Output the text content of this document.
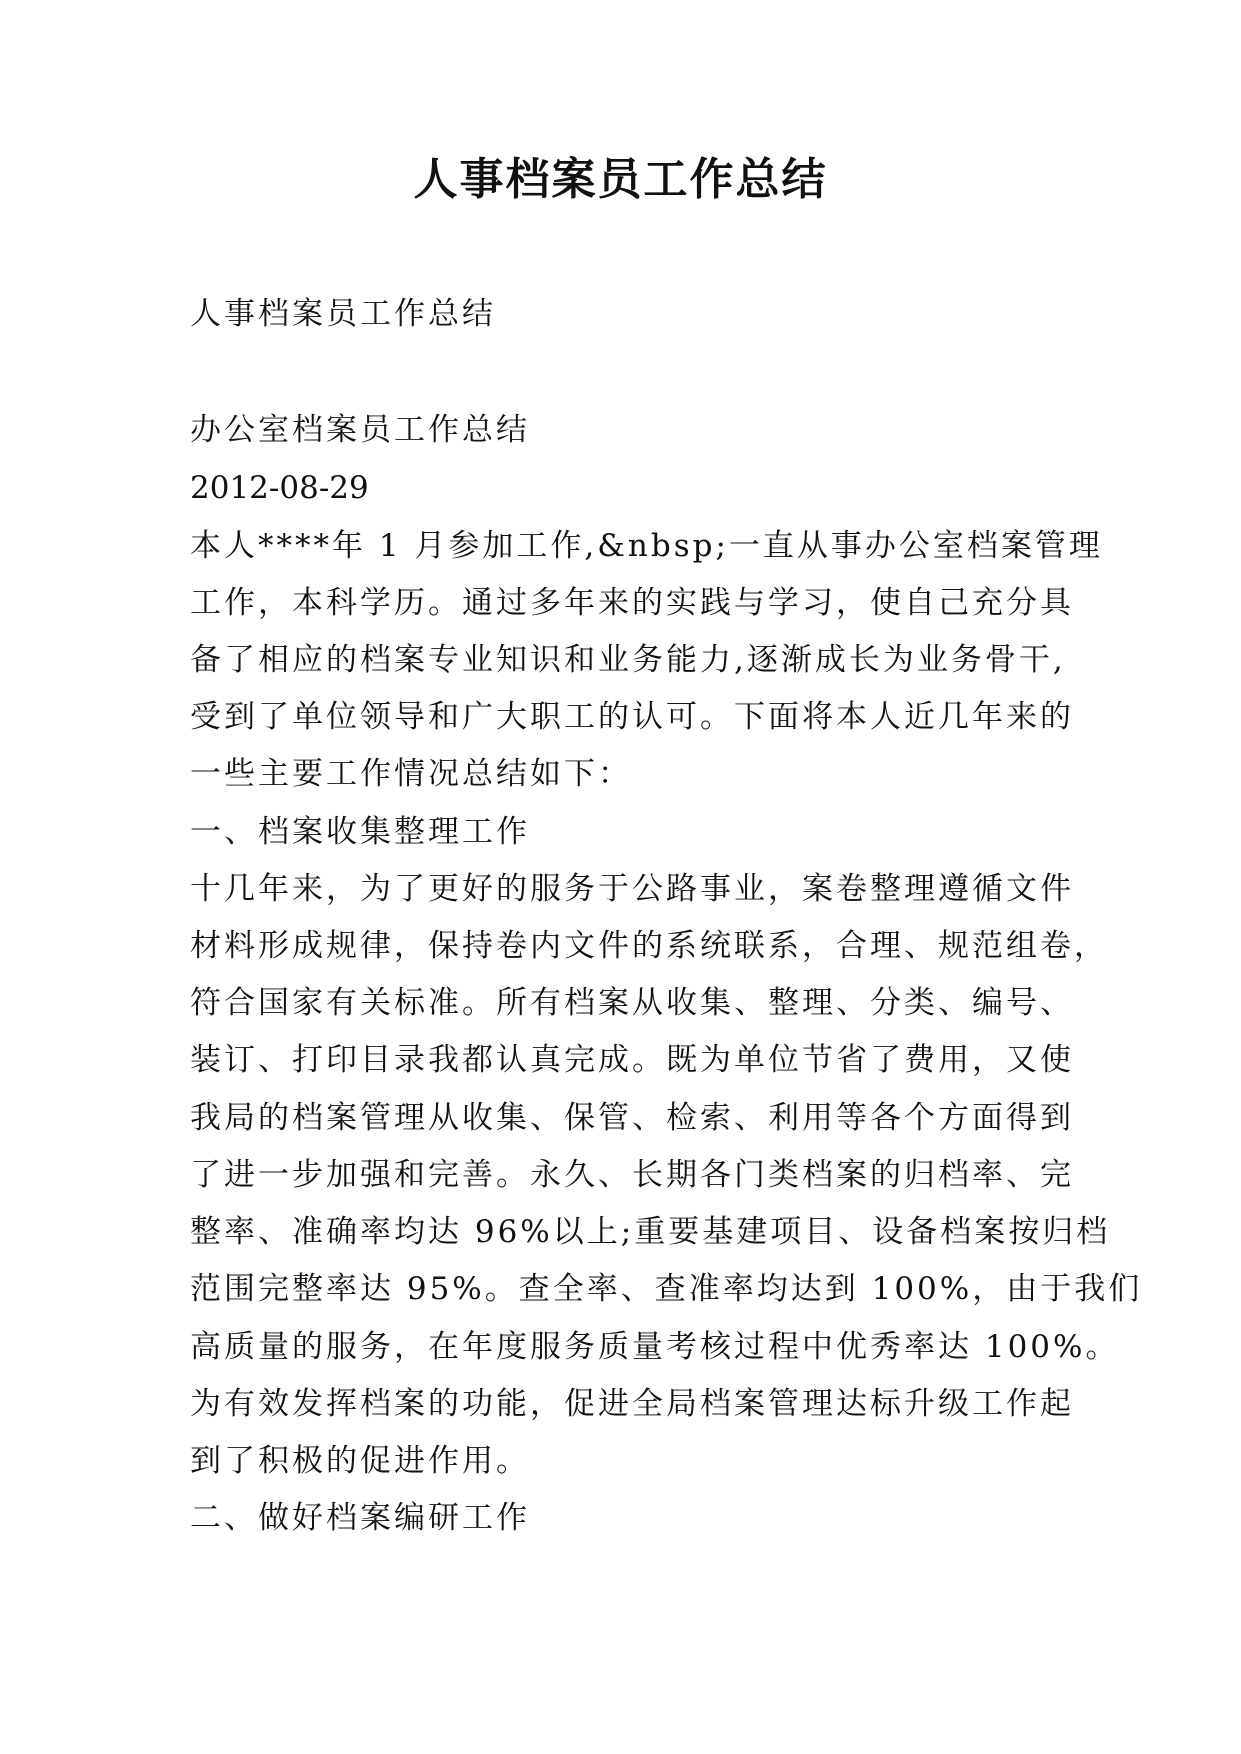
人事档案员工作总结
人事档案员工作总结
办公室档案员工作总结
2012-08-29
本人****年 1 月参加工作,&nbsp;一直从事办公室档案管理
工作，本科学历。通过多年来的实践与学习，使自己充分具
备了相应的档案专业知识和业务能力,逐渐成长为业务骨干,
受到了单位领导和广大职工的认可。下面将本人近几年来的
一些主要工作情况总结如下：
一、档案收集整理工作
十几年来，为了更好的服务于公路事业，案卷整理遵循文件
材料形成规律，保持卷内文件的系统联系，合理、规范组卷，
符合国家有关标准。所有档案从收集、整理、分类、编号、
装订、打印目录我都认真完成。既为单位节省了费用，又使
我局的档案管理从收集、保管、检索、利用等各个方面得到
了进一步加强和完善。永久、长期各门类档案的归档率、完
整率、准确率均达 96%以上;重要基建项目、设备档案按归档
范围完整率达 95%。查全率、查准率均达到 100%，由于我们
高质量的服务，在年度服务质量考核过程中优秀率达 100%。
为有效发挥档案的功能，促进全局档案管理达标升级工作起
到了积极的促进作用。
二、做好档案编研工作
